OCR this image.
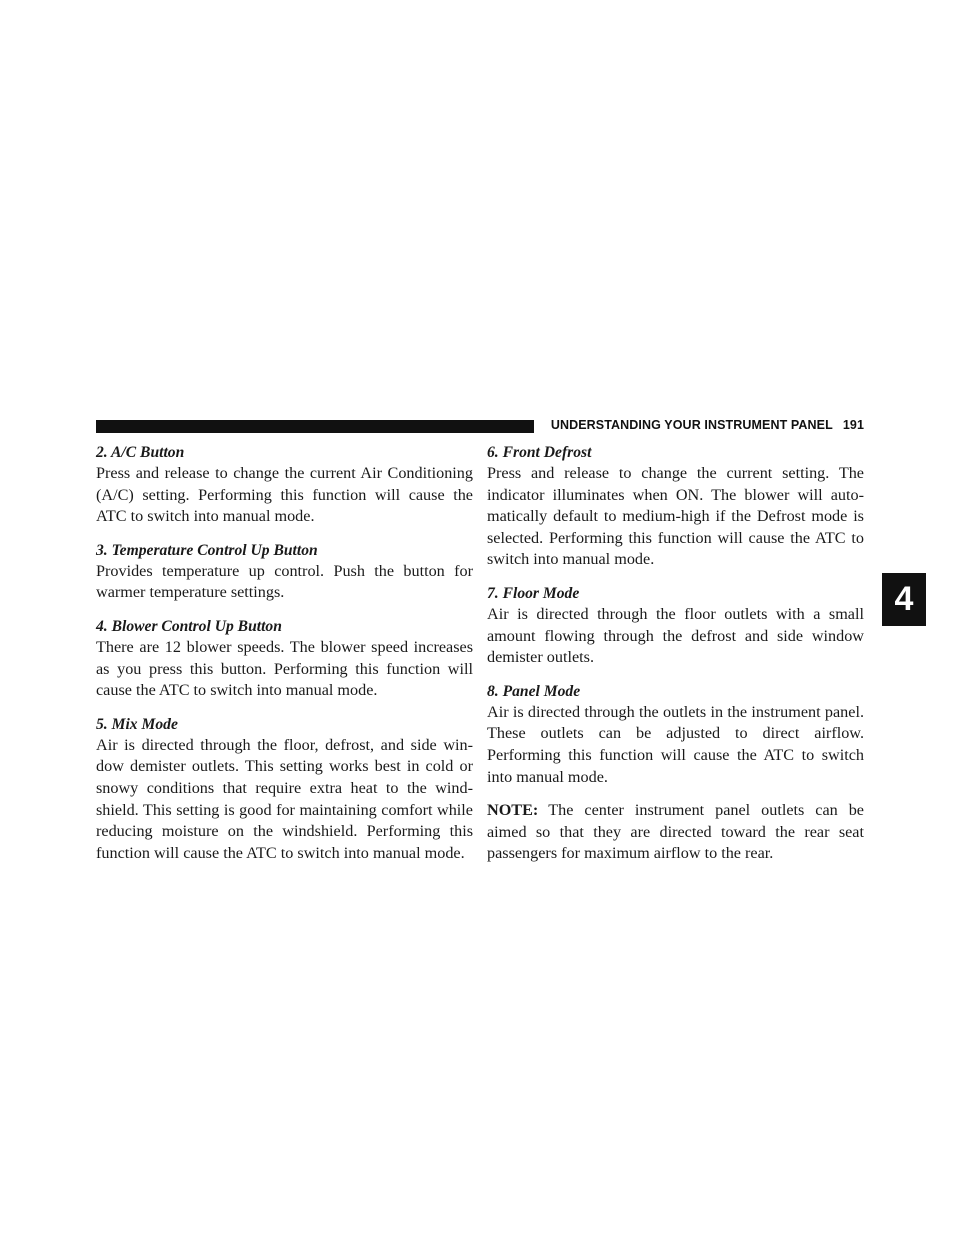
UNDERSTANDING YOUR INSTRUMENT PANEL 191
4

2. A/C Button

Press and release to change the current Air Conditioning (A/C) setting. Performing this function will cause the ATC to switch into manual mode.

3. Temperature Control Up Button

Provides temperature up control. Push the button for warmer temperature settings.

4. Blower Control Up Button

There are 12 blower speeds. The blower speed increases as you press this button. Performing this function will cause the ATC to switch into manual mode.

5. Mix Mode

Air is directed through the floor, defrost, and side win-dow demister outlets. This setting works best in cold or snowy conditions that require extra heat to the wind-shield. This setting is good for maintaining comfort while reducing moisture on the windshield. Performing this function will cause the ATC to switch into manual mode.

6. Front Defrost

Press and release to change the current setting. The indicator illuminates when ON. The blower will auto-matically default to medium-high if the Defrost mode is selected. Performing this function will cause the ATC to switch into manual mode.

7. Floor Mode

Air is directed through the floor outlets with a small amount flowing through the defrost and side window demister outlets.

8. Panel Mode

Air is directed through the outlets in the instrument panel. These outlets can be adjusted to direct airflow. Performing this function will cause the ATC to switch into manual mode.

NOTE: The center instrument panel outlets can be aimed so that they are directed toward the rear seat passengers for maximum airflow to the rear.
